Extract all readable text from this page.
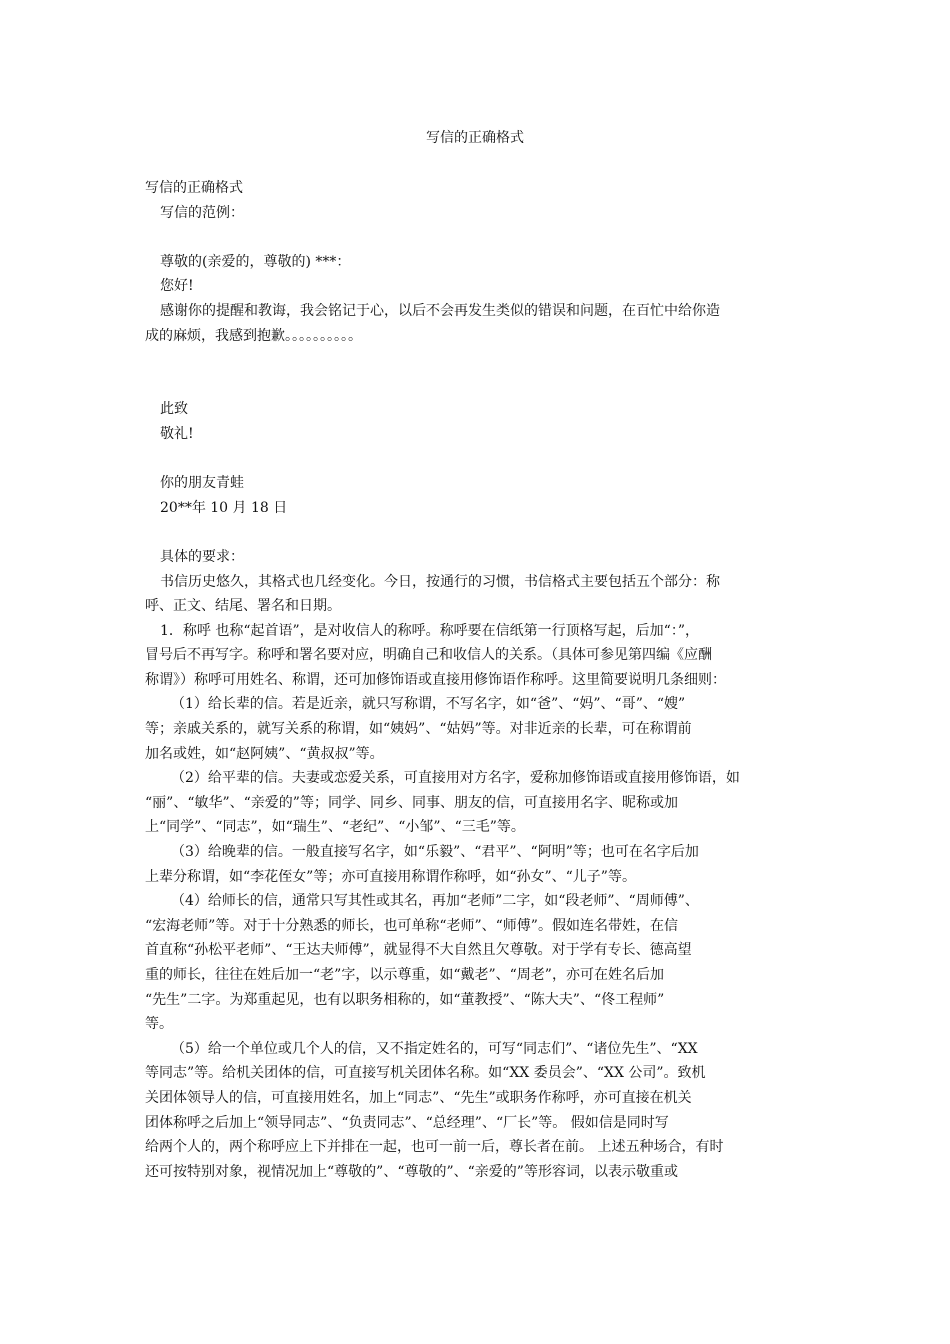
写信的正确格式
写信的正确格式
写信的范例：
尊敬的(亲爱的，尊敬的) ***：
您好!
感谢你的提醒和教诲，我会铭记于心，以后不会再发生类似的错误和问题，在百忙中给你造
成的麻烦，我感到抱歉。。。。。。。。。。
此致
敬礼!
你的朋友青蛙
20**年 10 月 18 日
具体的要求：
书信历史悠久，其格式也几经变化。今日，按通行的习惯，书信格式主要包括五个部分：称
呼、正文、结尾、署名和日期。
1．称呼 也称“起首语”，是对收信人的称呼。称呼要在信纸第一行顶格写起，后加“：”，
冒号后不再写字。称呼和署名要对应，明确自己和收信人的关系。（具体可参见第四编《应酬
称谓》）称呼可用姓名、称谓，还可加修饰语或直接用修饰语作称呼。这里简要说明几条细则：
（1）给长辈的信。若是近亲，就只写称谓，不写名字，如“爸”、“妈”、“哥”、“嫂”
等；亲戚关系的，就写关系的称谓，如“姨妈”、“姑妈”等。对非近亲的长辈，可在称谓前
加名或姓，如“赵阿姨”、“黄叔叔”等。
（2）给平辈的信。夫妻或恋爱关系，可直接用对方名字，爱称加修饰语或直接用修饰语，如
“丽”、“敏华”、“亲爱的”等；同学、同乡、同事、朋友的信，可直接用名字、昵称或加
上“同学”、“同志”，如“瑞生”、“老纪”、“小邹”、“三毛”等。
（3）给晚辈的信。一般直接写名字，如“乐毅”、“君平”、“阿明”等；也可在名字后加
上辈分称谓，如“李花侄女”等；亦可直接用称谓作称呼，如“孙女”、“儿子”等。
（4）给师长的信，通常只写其性或其名，再加“老师”二字，如“段老师”、“周师傅”、
“宏海老师”等。对于十分熟悉的师长，也可单称“老师”、“师傅”。假如连名带姓，在信
首直称“孙松平老师”、“王达夫师傅”，就显得不大自然且欠尊敬。对于学有专长、德高望
重的师长，往往在姓后加一“老”字，以示尊重，如“戴老”、“周老”，亦可在姓名后加
“先生”二字。为郑重起见，也有以职务相称的，如“董教授”、“陈大夫”、“佟工程师”
等。
（5）给一个单位或几个人的信，又不指定姓名的，可写“同志们”、“诸位先生”、“XX
等同志”等。给机关团体的信，可直接写机关团体名称。如“XX 委员会”、“XX 公司”。致机
关团体领导人的信，可直接用姓名，加上“同志”、“先生”或职务作称呼，亦可直接在机关
团体称呼之后加上“领导同志”、“负责同志”、“总经理”、“厂长”等。 假如信是同时写
给两个人的，两个称呼应上下并排在一起，也可一前一后，尊长者在前。 上述五种场合，有时
还可按特别对象，视情况加上“尊敬的”、“尊敬的”、“亲爱的”等形容词，以表示敬重或
